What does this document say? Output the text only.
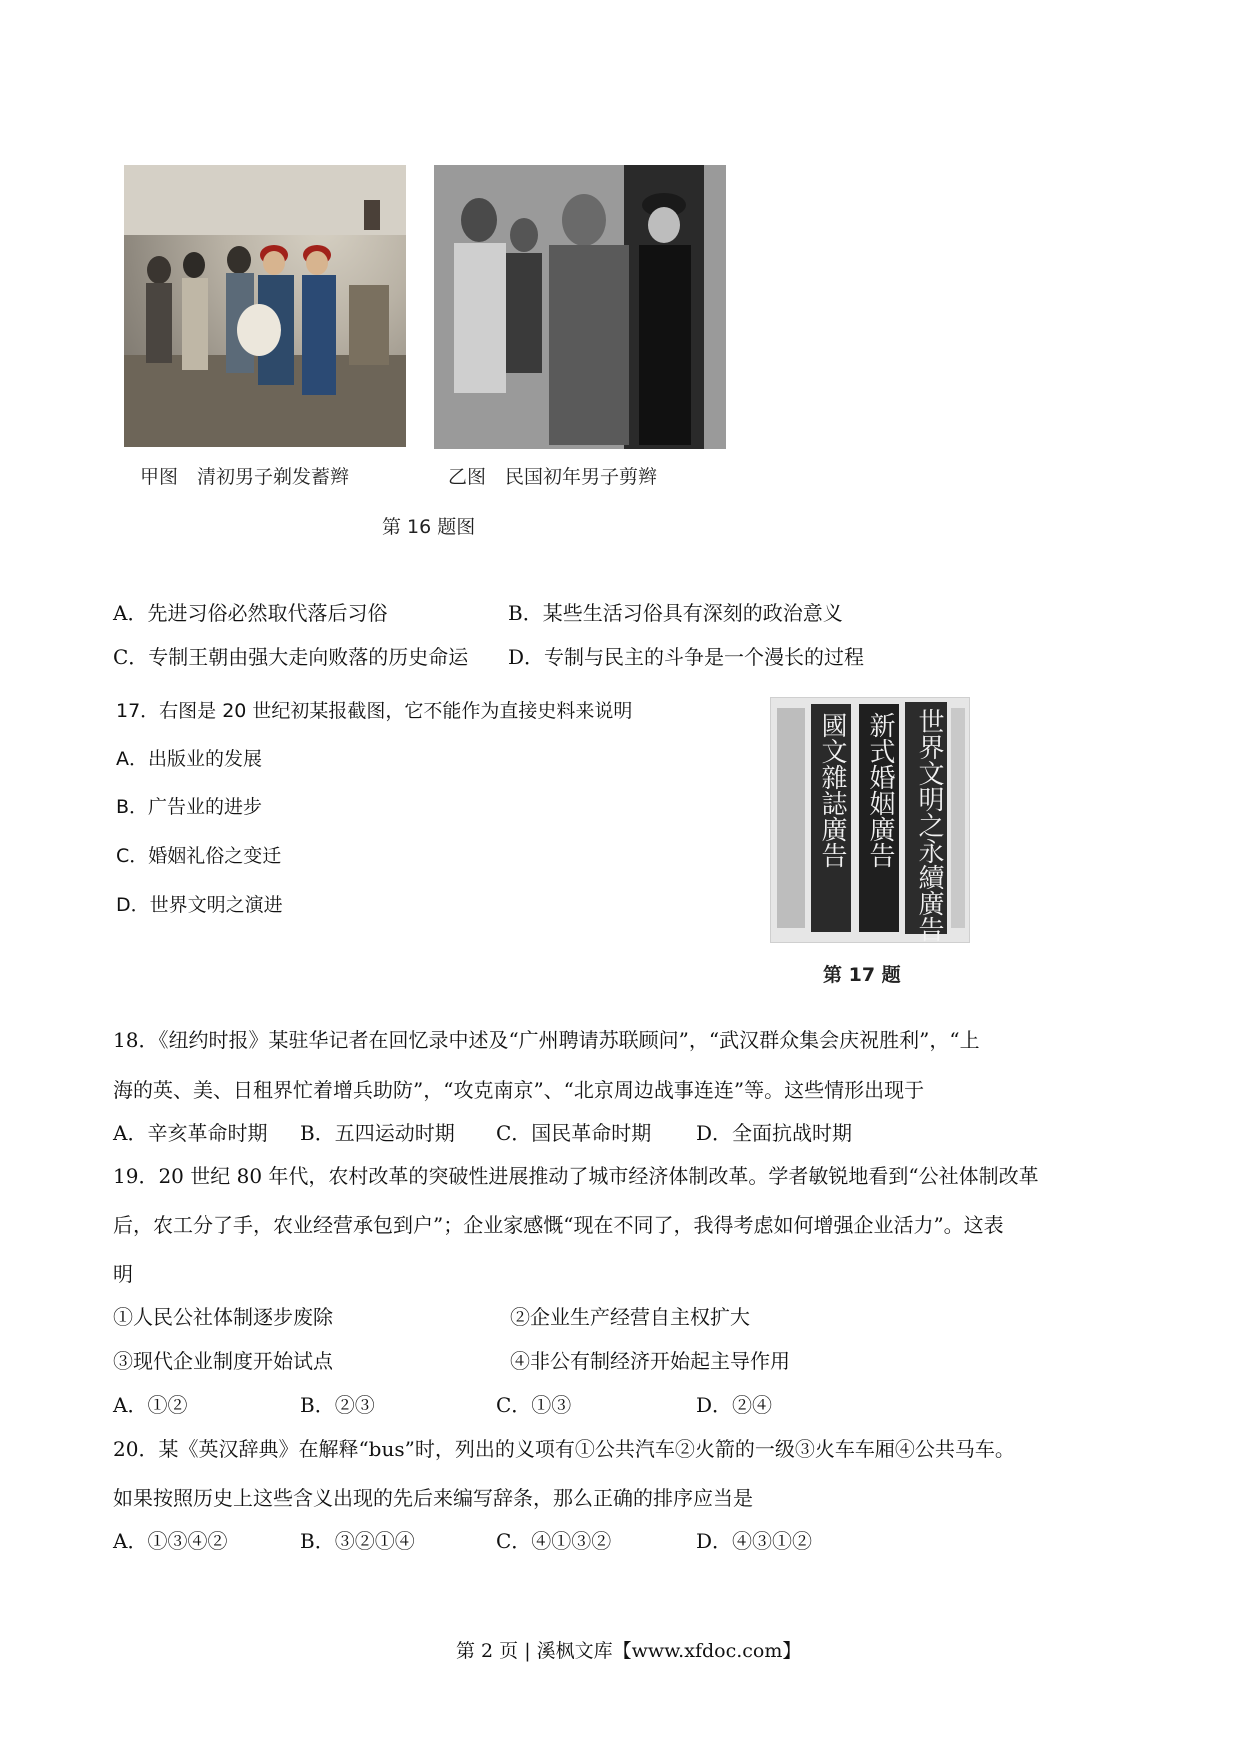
甲图　清初男子剃发蓄辫	乙图　民国初年男子剪辫
第 16 题图
A．先进习俗必然取代落后习俗	B．某些生活习俗具有深刻的政治意义
C．专制王朝由强大走向败落的历史命运 D．专制与民主的斗争是一个漫长的过程
17．右图是 20 世纪初某报截图，它不能作为直接史料来说明
A．出版业的发展
B．广告业的进步
C．婚姻礼俗之变迁
D．世界文明之演进
國文雜誌廣告 新式婚姻廣告 世界文明之永續廣告
第 17 题
18．《纽约时报》某驻华记者在回忆录中述及“广州聘请苏联顾问”，“武汉群众集会庆祝胜利”，“上
海的英、美、日租界忙着增兵助防”，“攻克南京”、“北京周边战事连连”等。这些情形出现于
A．辛亥革命时期 B．五四运动时期 C．国民革命时期 D．全面抗战时期
19．20 世纪 80 年代，农村改革的突破性进展推动了城市经济体制改革。学者敏锐地看到“公社体制改革
后，农工分了手，农业经营承包到户”；企业家感慨“现在不同了，我得考虑如何增强企业活力”。这表
明
①人民公社体制逐步废除	②企业生产经营自主权扩大
③现代企业制度开始试点	④非公有制经济开始起主导作用
A．①②	B．②③	C．①③	D．②④
20．某《英汉辞典》在解释“bus”时，列出的义项有①公共汽车②火箭的一级③火车车厢④公共马车。
如果按照历史上这些含义出现的先后来编写辞条，那么正确的排序应当是
A．①③④②	B．③②①④	C．④①③②	D．④③①②
第 2 页 | 溪枫文库【www.xfdoc.com】
